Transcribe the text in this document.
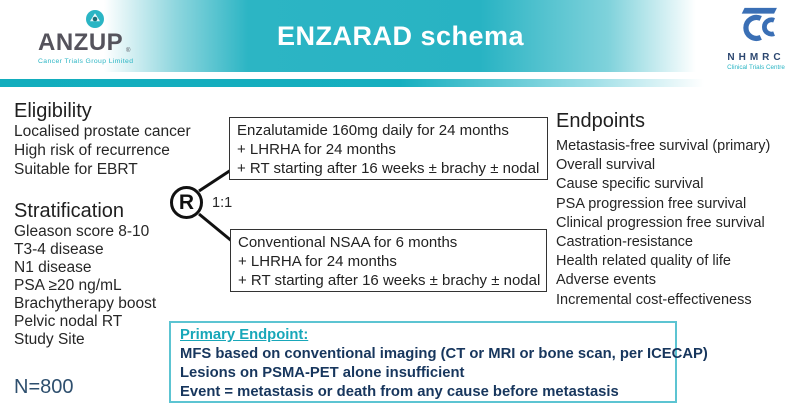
ENZARAD schema
ANZUP ®
Cancer Trials Group Limited	NHMRC
Clinical Trials Centre
Eligibility
Localised prostate cancer
High risk of recurrence
Suitable for EBRT
Stratification
Gleason score 8-10
T3-4 disease
N1 disease
PSA ≥20 ng/mL
Brachytherapy boost
Pelvic nodal RT
Study Site
N=800
R	1:1
Enzalutamide 160mg daily for 24 months
+ LHRHA for 24 months
+ RT starting after 16 weeks ± brachy ± nodal
Conventional NSAA for 6 months
+ LHRHA for 24 months
+ RT starting after 16 weeks ± brachy ± nodal
Endpoints
Metastasis-free survival (primary)
Overall survival
Cause specific survival
PSA progression free survival
Clinical progression free survival
Castration-resistance
Health related quality of life
Adverse events
Incremental cost-effectiveness
Primary Endpoint:
MFS based on conventional imaging (CT or MRI or bone scan, per ICECAP)
Lesions on PSMA-PET alone insufficient
Event = metastasis or death from any cause before metastasis
